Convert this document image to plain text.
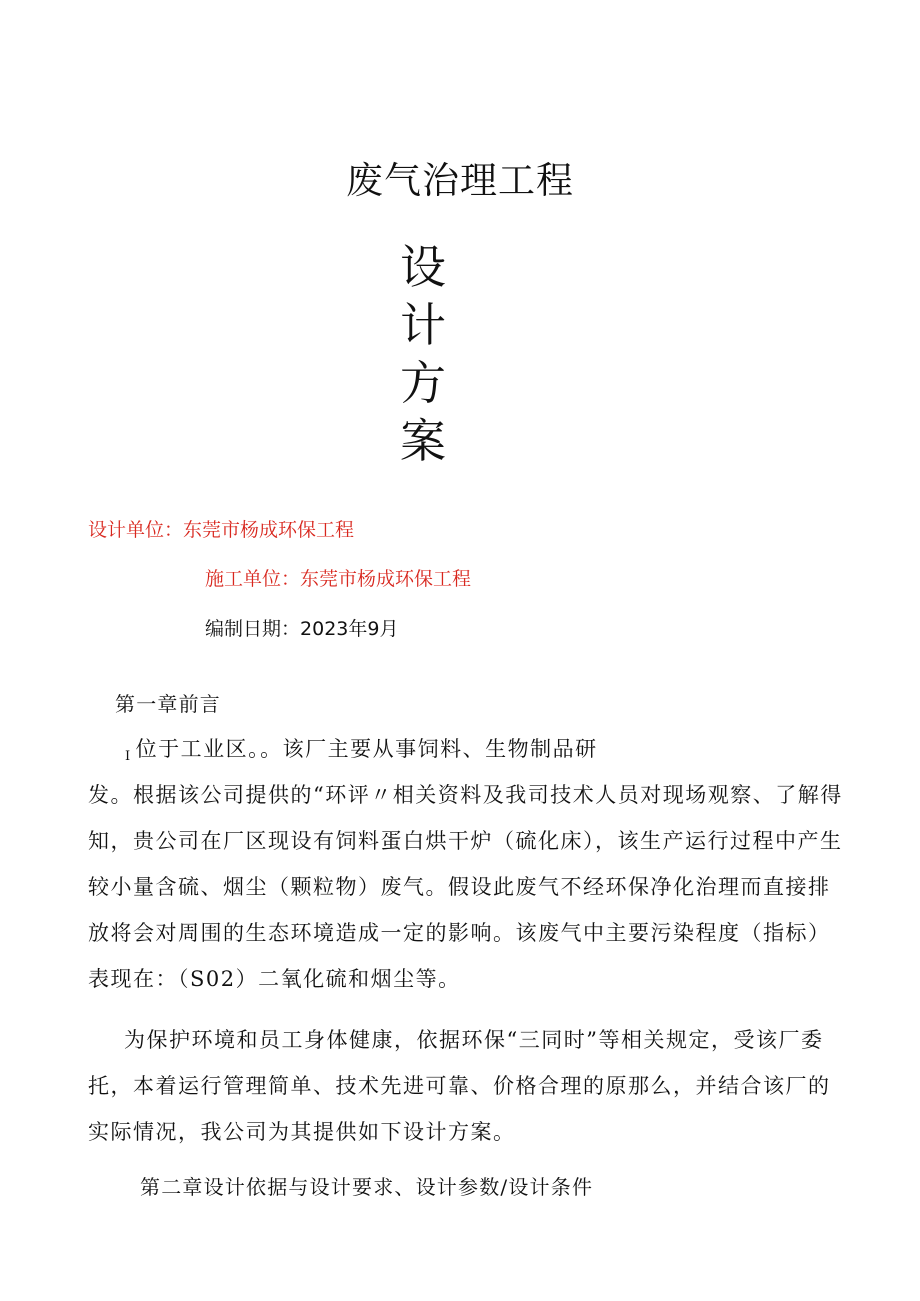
废气治理工程
设计方案
设计单位：东莞市杨成环保工程
施工单位：东莞市杨成环保工程
编制日期：2023年9月
第一章前言
I 位于工业区。。该厂主要从事饲料、生物制品研
发。根据该公司提供的“环评〃相关资料及我司技术人员对现场观察、了解得知，贵公司在厂区现设有饲料蛋白烘干炉（硫化床），该生产运行过程中产生较小量含硫、烟尘（颗粒物）废气。假设此废气不经环保净化治理而直接排放将会对周围的生态环境造成一定的影响。该废气中主要污染程度（指标）表现在：（S02）二氧化硫和烟尘等。
为保护环境和员工身体健康，依据环保“三同时”等相关规定，受该厂委托，本着运行管理简单、技术先进可靠、价格合理的原那么，并结合该厂的实际情况，我公司为其提供如下设计方案。
第二章设计依据与设计要求、设计参数/设计条件
